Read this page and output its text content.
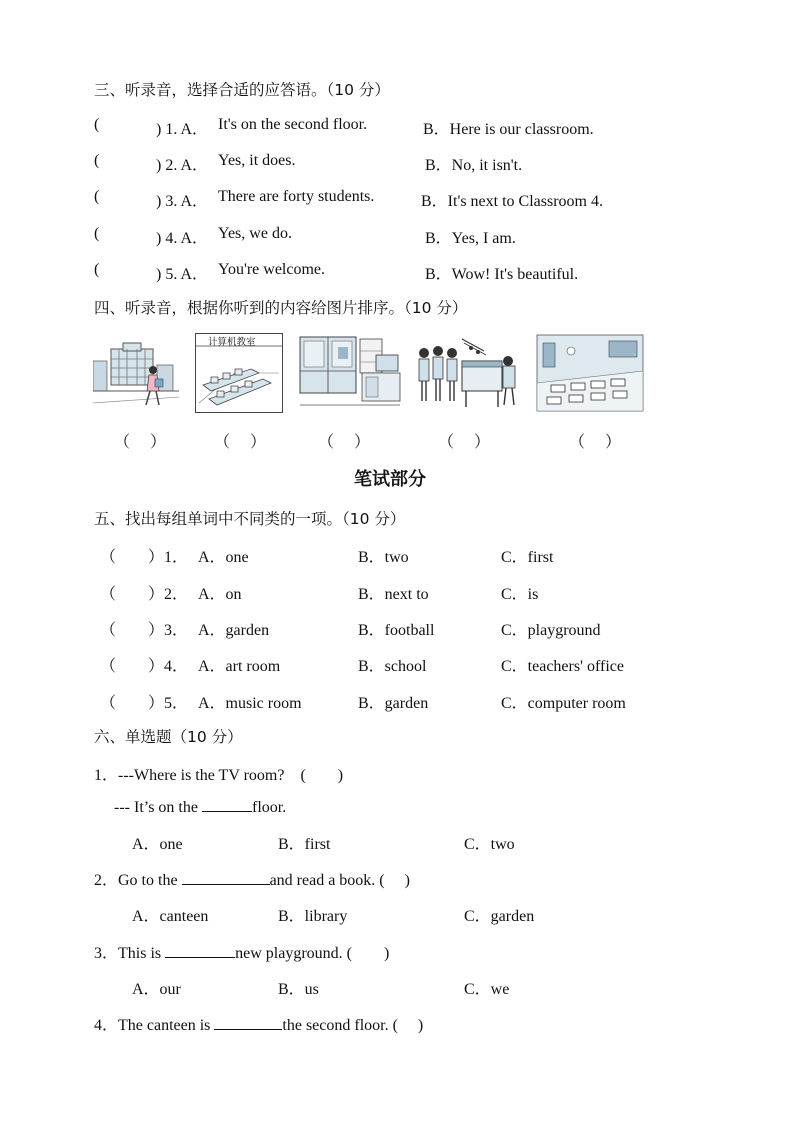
三、听录音，选择合适的应答语。（10 分）
(	) 1. A． It's on the second floor.	B．Here is our classroom.
(	) 2. A． Yes, it does.	B．No, it isn't.
(	) 3. A． There are forty students.	B．It's next to Classroom 4.
(	) 4. A． Yes, we do.	B．Yes, I am.
(	) 5. A． You're welcome.	B．Wow! It's beautiful.
四、听录音，根据你听到的内容给图片排序。（10 分）
计算机教室
（　 ）	（　 ）	（　 ）	（　 ）	（　 ）
笔试部分
五、找出每组单词中不同类的一项。（10 分）
（　　）1． A．one	B．two	C．first
（　　）2． A．on	B．next to	C．is
（　　）3． A．garden	B．football	C．playground
（　　）4． A．art room	B．school	C．teachers' office
（　　）5． A．music room	B．garden	C．computer room
六、单选题（10 分）
1．---Where is the TV room?　(　　)
--- It’s on the	floor.
A．one	B．first	C．two
2．Go to the	and read a book. (　 )
A．canteen	B．library	C．garden
3．This is	new playground. (　　)
A．our	B．us	C．we
4．The canteen is	the second floor. (　 )
